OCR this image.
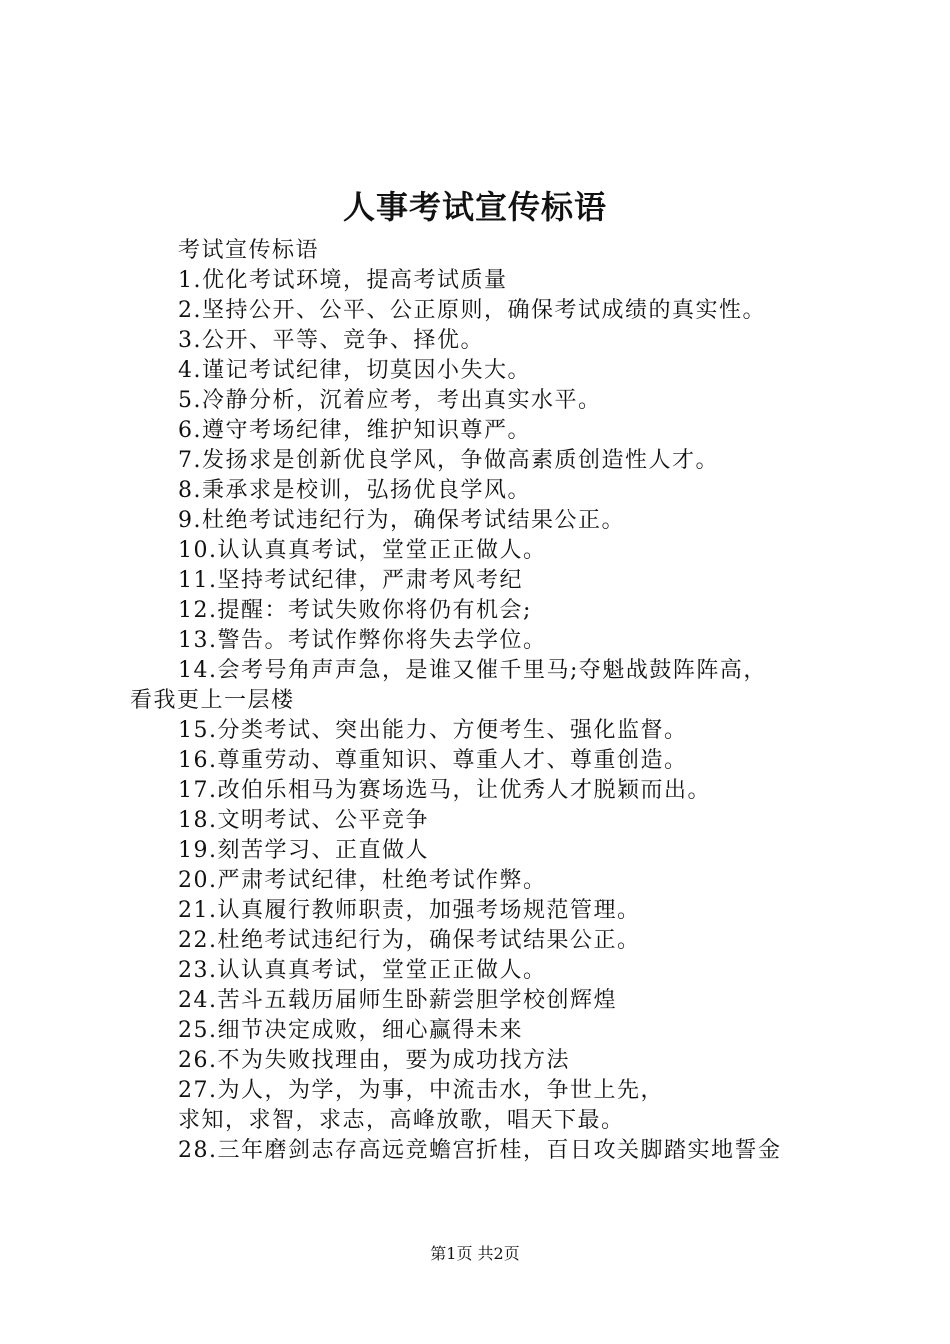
人事考试宣传标语
考试宣传标语
1.优化考试环境，提高考试质量
2.坚持公开、公平、公正原则，确保考试成绩的真实性。
3.公开、平等、竞争、择优。
4.谨记考试纪律，切莫因小失大。
5.冷静分析，沉着应考，考出真实水平。
6.遵守考场纪律，维护知识尊严。
7.发扬求是创新优良学风，争做高素质创造性人才。
8.秉承求是校训，弘扬优良学风。
9.杜绝考试违纪行为，确保考试结果公正。
10.认认真真考试，堂堂正正做人。
11.坚持考试纪律，严肃考风考纪
12.提醒：考试失败你将仍有机会;
13.警告。考试作弊你将失去学位。
14.会考号角声声急，是谁又催千里马;夺魁战鼓阵阵高，
看我更上一层楼
15.分类考试、突出能力、方便考生、强化监督。
16.尊重劳动、尊重知识、尊重人才、尊重创造。
17.改伯乐相马为赛场选马，让优秀人才脱颖而出。
18.文明考试、公平竞争
19.刻苦学习、正直做人
20.严肃考试纪律，杜绝考试作弊。
21.认真履行教师职责，加强考场规范管理。
22.杜绝考试违纪行为，确保考试结果公正。
23.认认真真考试，堂堂正正做人。
24.苦斗五载历届师生卧薪尝胆学校创辉煌
25.细节决定成败，细心赢得未来
26.不为失败找理由，要为成功找方法
27.为人，为学，为事，中流击水，争世上先，
求知，求智，求志，高峰放歌，唱天下最。
28.三年磨剑志存高远竞蟾宫折桂，百日攻关脚踏实地誓金
第1页 共2页
